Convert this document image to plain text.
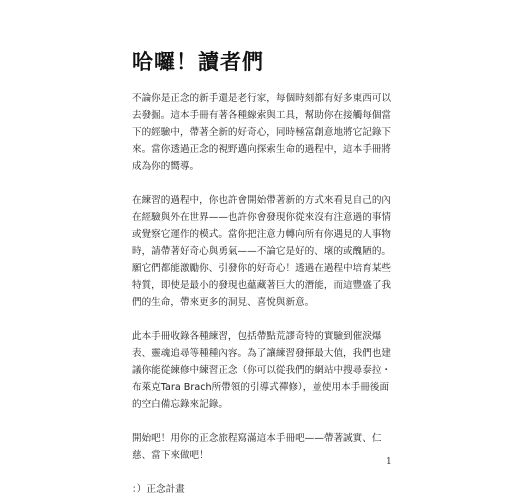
哈囉！讀者們

不論你是正念的新手還是老行家，每個時刻都有好多東西可以去發掘。這本手冊有著各種線索與工具，幫助你在接觸每個當下的經驗中，帶著全新的好奇心，同時極富創意地將它記錄下來。當你透過正念的視野邁向探索生命的過程中，這本手冊將成為你的嚮導。

在練習的過程中，你也許會開始帶著新的方式來看見自己的內在經驗與外在世界——也許你會發現你從來沒有注意過的事情或覺察它運作的模式。當你把注意力轉向所有你遇見的人事物時，請帶著好奇心與勇氣——不論它是好的、壞的或醜陋的。願它們都能激勵你、引發你的好奇心！透過在過程中培育某些特質，即使是最小的發現也蘊藏著巨大的潛能，而這豐盛了我們的生命，帶來更多的洞見、喜悅與新意。

此本手冊收錄各種練習，包括帶點荒謬奇特的實驗到催淚爆表、靈魂追尋等種種內容。為了讓練習發揮最大值，我們也建議你能從練修中練習正念（你可以從我們的網站中搜尋泰拉・布萊克Tara Brach所帶領的引導式禪修），並使用本手冊後面的空白備忘錄來記錄。

開始吧！用你的正念旅程寫滿這本手冊吧——帶著誠實、仁慈、當下來做吧！

：）正念計畫

1
